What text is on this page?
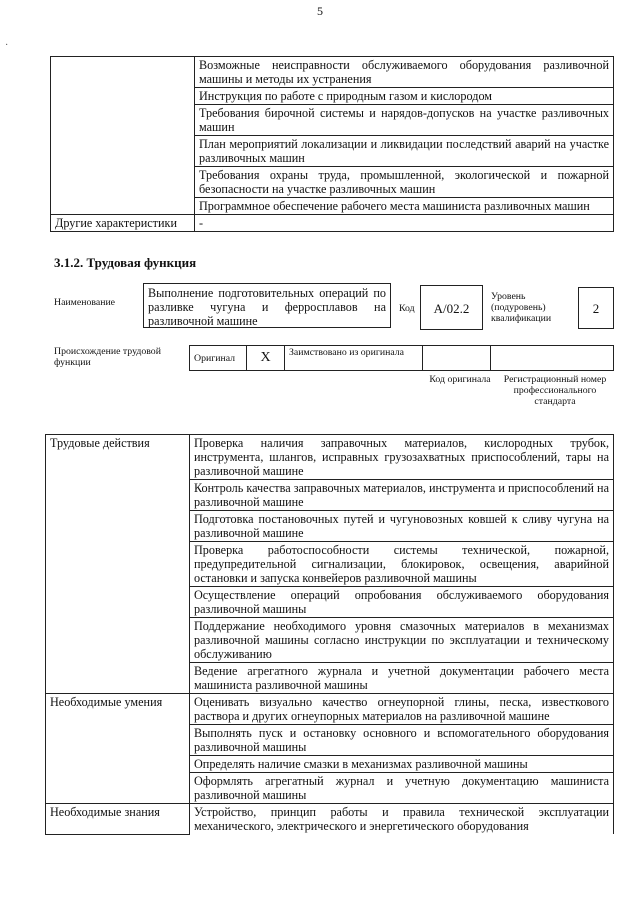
5
·
	Возможные неисправности обслуживаемого оборудования разливочной машины и методы их устранения
	Инструкция по работе с природным газом и кислородом
	Требования бирочной системы и нарядов-допусков на участке разливочных машин
	План мероприятий локализации и ликвидации последствий аварий на участке разливочных машин
	Требования охраны труда, промышленной, экологической и пожарной безопасности на участке разливочных машин
	Программное обеспечение рабочего места машиниста разливочных машин
Другие характеристики	-
3.1.2. Трудовая функция
Наименование
Выполнение подготовительных операций по разливке чугуна и ферросплавов на разливочной машине
Код	А/02.2
Уровень (подуровень) квалификации
2
Происхождение трудовой функции	Оригинал	X	Заимствовано из оригинала		
Код оригинала	Регистрационный номер профессионального стандарта
Трудовые действия	Проверка наличия заправочных материалов, кислородных трубок, инструмента, шлангов, исправных грузозахватных приспособлений, тары на разливочной машине
	Контроль качества заправочных материалов, инструмента и приспособлений на разливочной машине
	Подготовка постановочных путей и чугуновозных ковшей к сливу чугуна на разливочной машине
	Проверка работоспособности системы технической, пожарной, предупредительной сигнализации, блокировок, освещения, аварийной остановки и запуска конвейеров разливочной машины
	Осуществление операций опробования обслуживаемого оборудования разливочной машины
	Поддержание необходимого уровня смазочных материалов в механизмах разливочной машины согласно инструкции по эксплуатации и техническому обслуживанию
	Ведение агрегатного журнала и учетной документации рабочего места машиниста разливочной машины
Необходимые умения	Оценивать визуально качество огнеупорной глины, песка, известкового раствора и других огнеупорных материалов на разливочной машине
	Выполнять пуск и остановку основного и вспомогательного оборудования разливочной машины
	Определять наличие смазки в механизмах разливочной машины
	Оформлять агрегатный журнал и учетную документацию машиниста разливочной машины
Необходимые знания	Устройство, принцип работы и правила технической эксплуатации механического, электрического и энергетического оборудования
